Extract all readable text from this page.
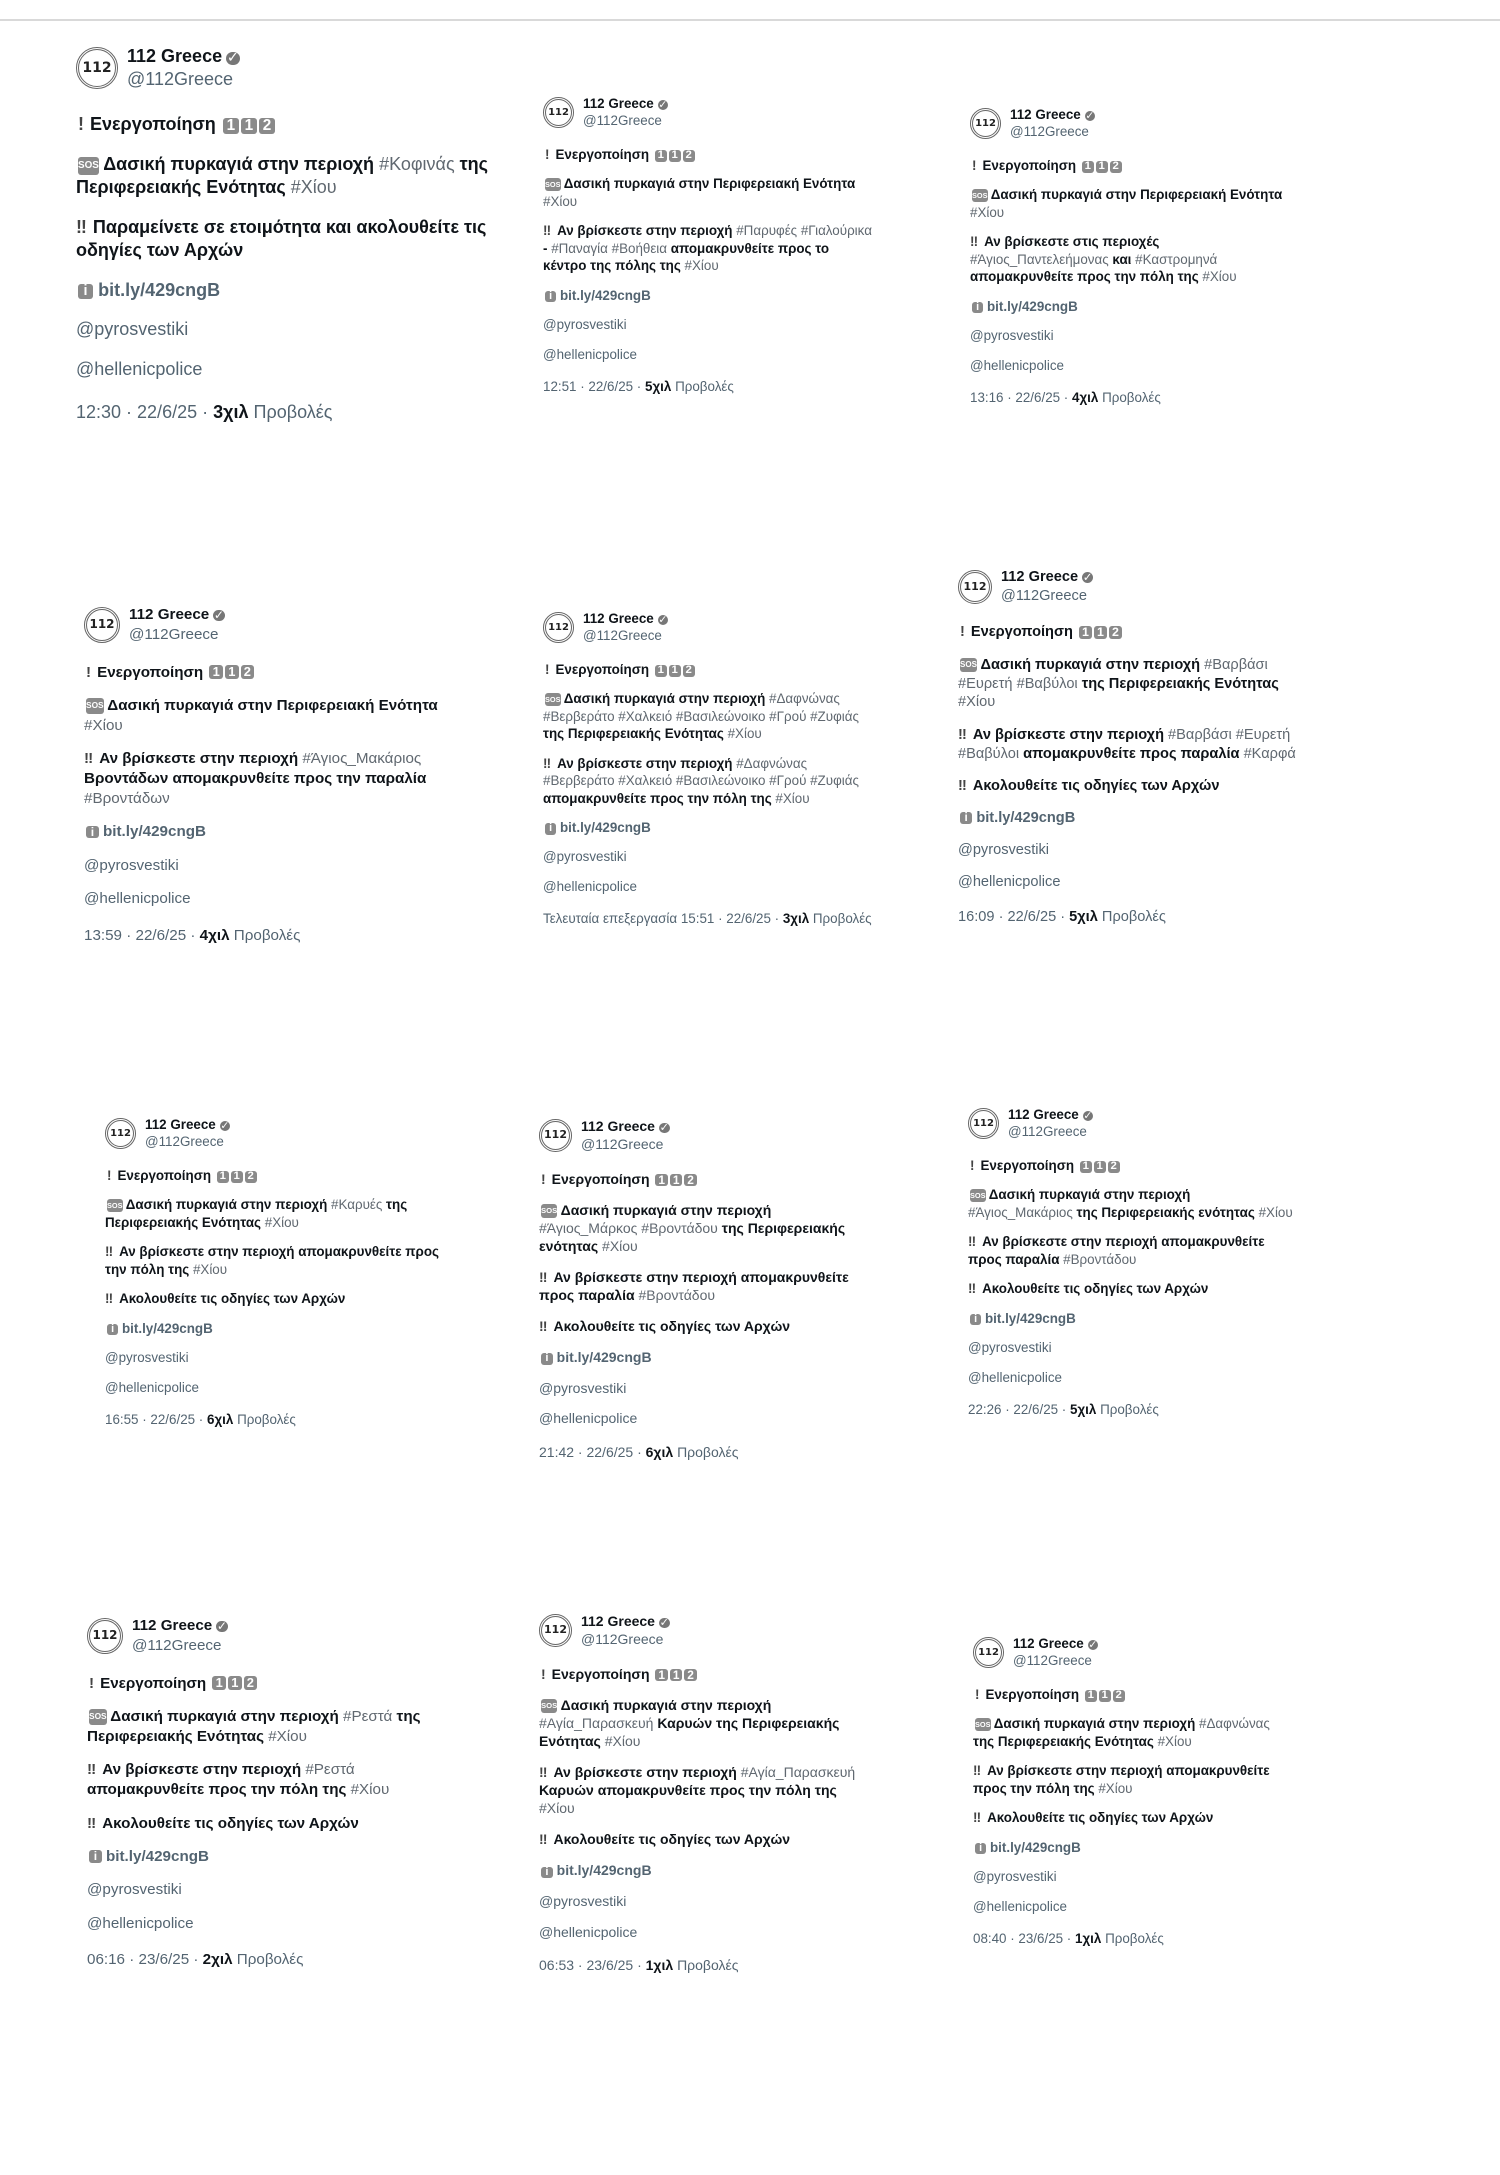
112
112 Greece ✓
@112Greece
! Ενεργοποίηση 1 1 2
SOS Δασική πυρκαγιά στην περιοχή #Κοφινάς της Περιφερειακής Ενότητας #Χίου
‼ Παραμείνετε σε ετοιμότητα και ακολουθείτε τις οδηγίες των Αρχών
i bit.ly/429cngB
@pyrosvestiki
@hellenicpolice
12:30 · 22/6/25 · 3χιλ Προβολές
112
112 Greece ✓
@112Greece
! Ενεργοποίηση 1 1 2
SOS Δασική πυρκαγιά στην Περιφερειακή Ενότητα #Χίου
‼ Αν βρίσκεστε στην περιοχή #Παρυφές #Γιαλούρικα - #Παναγία #Βοήθεια απομακρυνθείτε προς το κέντρο της πόλης της #Χίου
i bit.ly/429cngB
@pyrosvestiki
@hellenicpolice
12:51 · 22/6/25 · 5χιλ Προβολές
112
112 Greece ✓
@112Greece
! Ενεργοποίηση 1 1 2
SOS Δασική πυρκαγιά στην Περιφερειακή Ενότητα #Χίου
‼ Αν βρίσκεστε στις περιοχές #Άγιος_Παντελεήμονας και #Καστρομηνά απομακρυνθείτε προς την πόλη της #Χίου
i bit.ly/429cngB
@pyrosvestiki
@hellenicpolice
13:16 · 22/6/25 · 4χιλ Προβολές
112
112 Greece ✓
@112Greece
! Ενεργοποίηση 1 1 2
SOS Δασική πυρκαγιά στην Περιφερειακή Ενότητα #Χίου
‼ Αν βρίσκεστε στην περιοχή #Άγιος_Μακάριος Βροντάδων απομακρυνθείτε προς την παραλία #Βροντάδων
i bit.ly/429cngB
@pyrosvestiki
@hellenicpolice
13:59 · 22/6/25 · 4χιλ Προβολές
112
112 Greece ✓
@112Greece
! Ενεργοποίηση 1 1 2
SOS Δασική πυρκαγιά στην περιοχή #Δαφνώνας #Βερβεράτο #Χαλκειό #Βασιλεώνοικο #Γρού #Ζυφιάς της Περιφερειακής Ενότητας #Χίου
‼ Αν βρίσκεστε στην περιοχή #Δαφνώνας #Βερβεράτο #Χαλκειό #Βασιλεώνοικο #Γρού #Ζυφιάς απομακρυνθείτε προς την πόλη της #Χίου
i bit.ly/429cngB
@pyrosvestiki
@hellenicpolice
Τελευταία επεξεργασία 15:51 · 22/6/25 · 3χιλ Προβολές
112
112 Greece ✓
@112Greece
! Ενεργοποίηση 1 1 2
SOS Δασική πυρκαγιά στην περιοχή #Βαρβάσι #Ευρετή #Βαβύλοι της Περιφερειακής Ενότητας #Χίου
‼ Αν βρίσκεστε στην περιοχή #Βαρβάσι #Ευρετή #Βαβύλοι απομακρυνθείτε προς παραλία #Καρφά
‼ Ακολουθείτε τις οδηγίες των Αρχών
i bit.ly/429cngB
@pyrosvestiki
@hellenicpolice
16:09 · 22/6/25 · 5χιλ Προβολές
112
112 Greece ✓
@112Greece
! Ενεργοποίηση 1 1 2
SOS Δασική πυρκαγιά στην περιοχή #Καρυές της Περιφερειακής Ενότητας #Χίου
‼ Αν βρίσκεστε στην περιοχή απομακρυνθείτε προς την πόλη της #Χίου
‼ Ακολουθείτε τις οδηγίες των Αρχών
i bit.ly/429cngB
@pyrosvestiki
@hellenicpolice
16:55 · 22/6/25 · 6χιλ Προβολές
112
112 Greece ✓
@112Greece
! Ενεργοποίηση 1 1 2
SOS Δασική πυρκαγιά στην περιοχή #Άγιος_Μάρκος #Βροντάδου της Περιφερειακής ενότητας #Χίου
‼ Αν βρίσκεστε στην περιοχή απομακρυνθείτε προς παραλία #Βροντάδου
‼ Ακολουθείτε τις οδηγίες των Αρχών
i bit.ly/429cngB
@pyrosvestiki
@hellenicpolice
21:42 · 22/6/25 · 6χιλ Προβολές
112
112 Greece ✓
@112Greece
! Ενεργοποίηση 1 1 2
SOS Δασική πυρκαγιά στην περιοχή #Άγιος_Μακάριος της Περιφερειακής ενότητας #Χίου
‼ Αν βρίσκεστε στην περιοχή απομακρυνθείτε προς παραλία #Βροντάδου
‼ Ακολουθείτε τις οδηγίες των Αρχών
i bit.ly/429cngB
@pyrosvestiki
@hellenicpolice
22:26 · 22/6/25 · 5χιλ Προβολές
112
112 Greece ✓
@112Greece
! Ενεργοποίηση 1 1 2
SOS Δασική πυρκαγιά στην περιοχή #Ρεστά της Περιφερειακής Ενότητας #Χίου
‼ Αν βρίσκεστε στην περιοχή #Ρεστά απομακρυνθείτε προς την πόλη της #Χίου
‼ Ακολουθείτε τις οδηγίες των Αρχών
i bit.ly/429cngB
@pyrosvestiki
@hellenicpolice
06:16 · 23/6/25 · 2χιλ Προβολές
112
112 Greece ✓
@112Greece
! Ενεργοποίηση 1 1 2
SOS Δασική πυρκαγιά στην περιοχή #Αγία_Παρασκευή Καρυών της Περιφερειακής Ενότητας #Χίου
‼ Αν βρίσκεστε στην περιοχή #Αγία_Παρασκευή Καρυών απομακρυνθείτε προς την πόλη της #Χίου
‼ Ακολουθείτε τις οδηγίες των Αρχών
i bit.ly/429cngB
@pyrosvestiki
@hellenicpolice
06:53 · 23/6/25 · 1χιλ Προβολές
112
112 Greece ✓
@112Greece
! Ενεργοποίηση 1 1 2
SOS Δασική πυρκαγιά στην περιοχή #Δαφνώνας της Περιφερειακής Ενότητας #Χίου
‼ Αν βρίσκεστε στην περιοχή απομακρυνθείτε προς την πόλη της #Χίου
‼ Ακολουθείτε τις οδηγίες των Αρχών
i bit.ly/429cngB
@pyrosvestiki
@hellenicpolice
08:40 · 23/6/25 · 1χιλ Προβολές
